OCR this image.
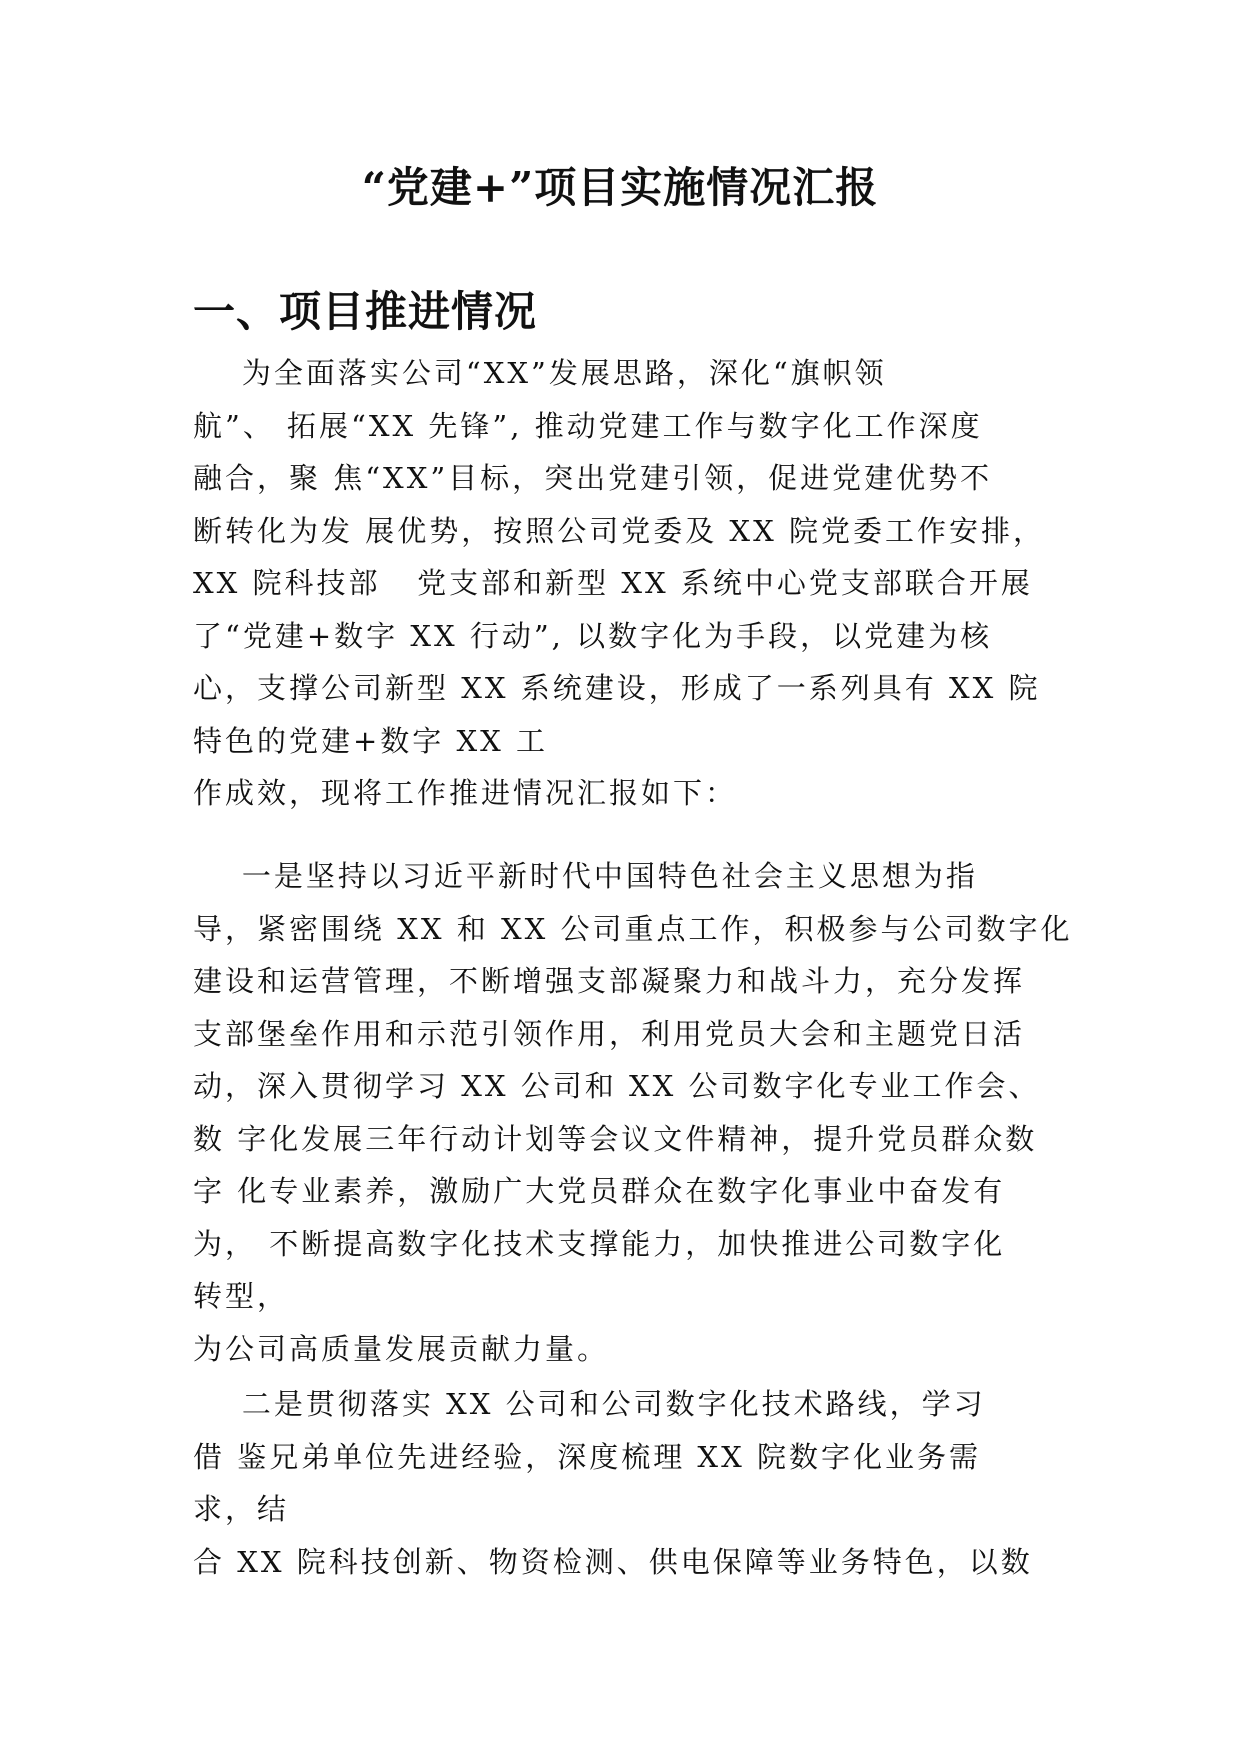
“党建+”项目实施情况汇报
一、项目推进情况
为全面落实公司“XX”发展思路，深化“旗帜领
航”、 拓展“XX 先锋”, 推动党建工作与数字化工作深度
融合，聚 焦“XX”目标，突出党建引领，促进党建优势不
断转化为发 展优势，按照公司党委及 XX 院党委工作安排，
XX 院科技部   党支部和新型 XX 系统中心党支部联合开展
了“党建+数字 XX 行动”, 以数字化为手段，以党建为核
心，支撑公司新型 XX 系统建设，形成了一系列具有 XX 院
特色的党建+数字 XX 工
作成效，现将工作推进情况汇报如下：
一是坚持以习近平新时代中国特色社会主义思想为指
导，紧密围绕 XX 和 XX 公司重点工作，积极参与公司数字化
建设和运营管理，不断增强支部凝聚力和战斗力，充分发挥
支部堡垒作用和示范引领作用，利用党员大会和主题党日活
动，深入贯彻学习 XX 公司和 XX 公司数字化专业工作会、
数 字化发展三年行动计划等会议文件精神，提升党员群众数
字 化专业素养，激励广大党员群众在数字化事业中奋发有
为， 不断提高数字化技术支撑能力，加快推进公司数字化
转型，
为公司高质量发展贡献力量。
二是贯彻落实 XX 公司和公司数字化技术路线，学习
借 鉴兄弟单位先进经验，深度梳理 XX 院数字化业务需
求，结
合 XX 院科技创新、物资检测、供电保障等业务特色，以数
